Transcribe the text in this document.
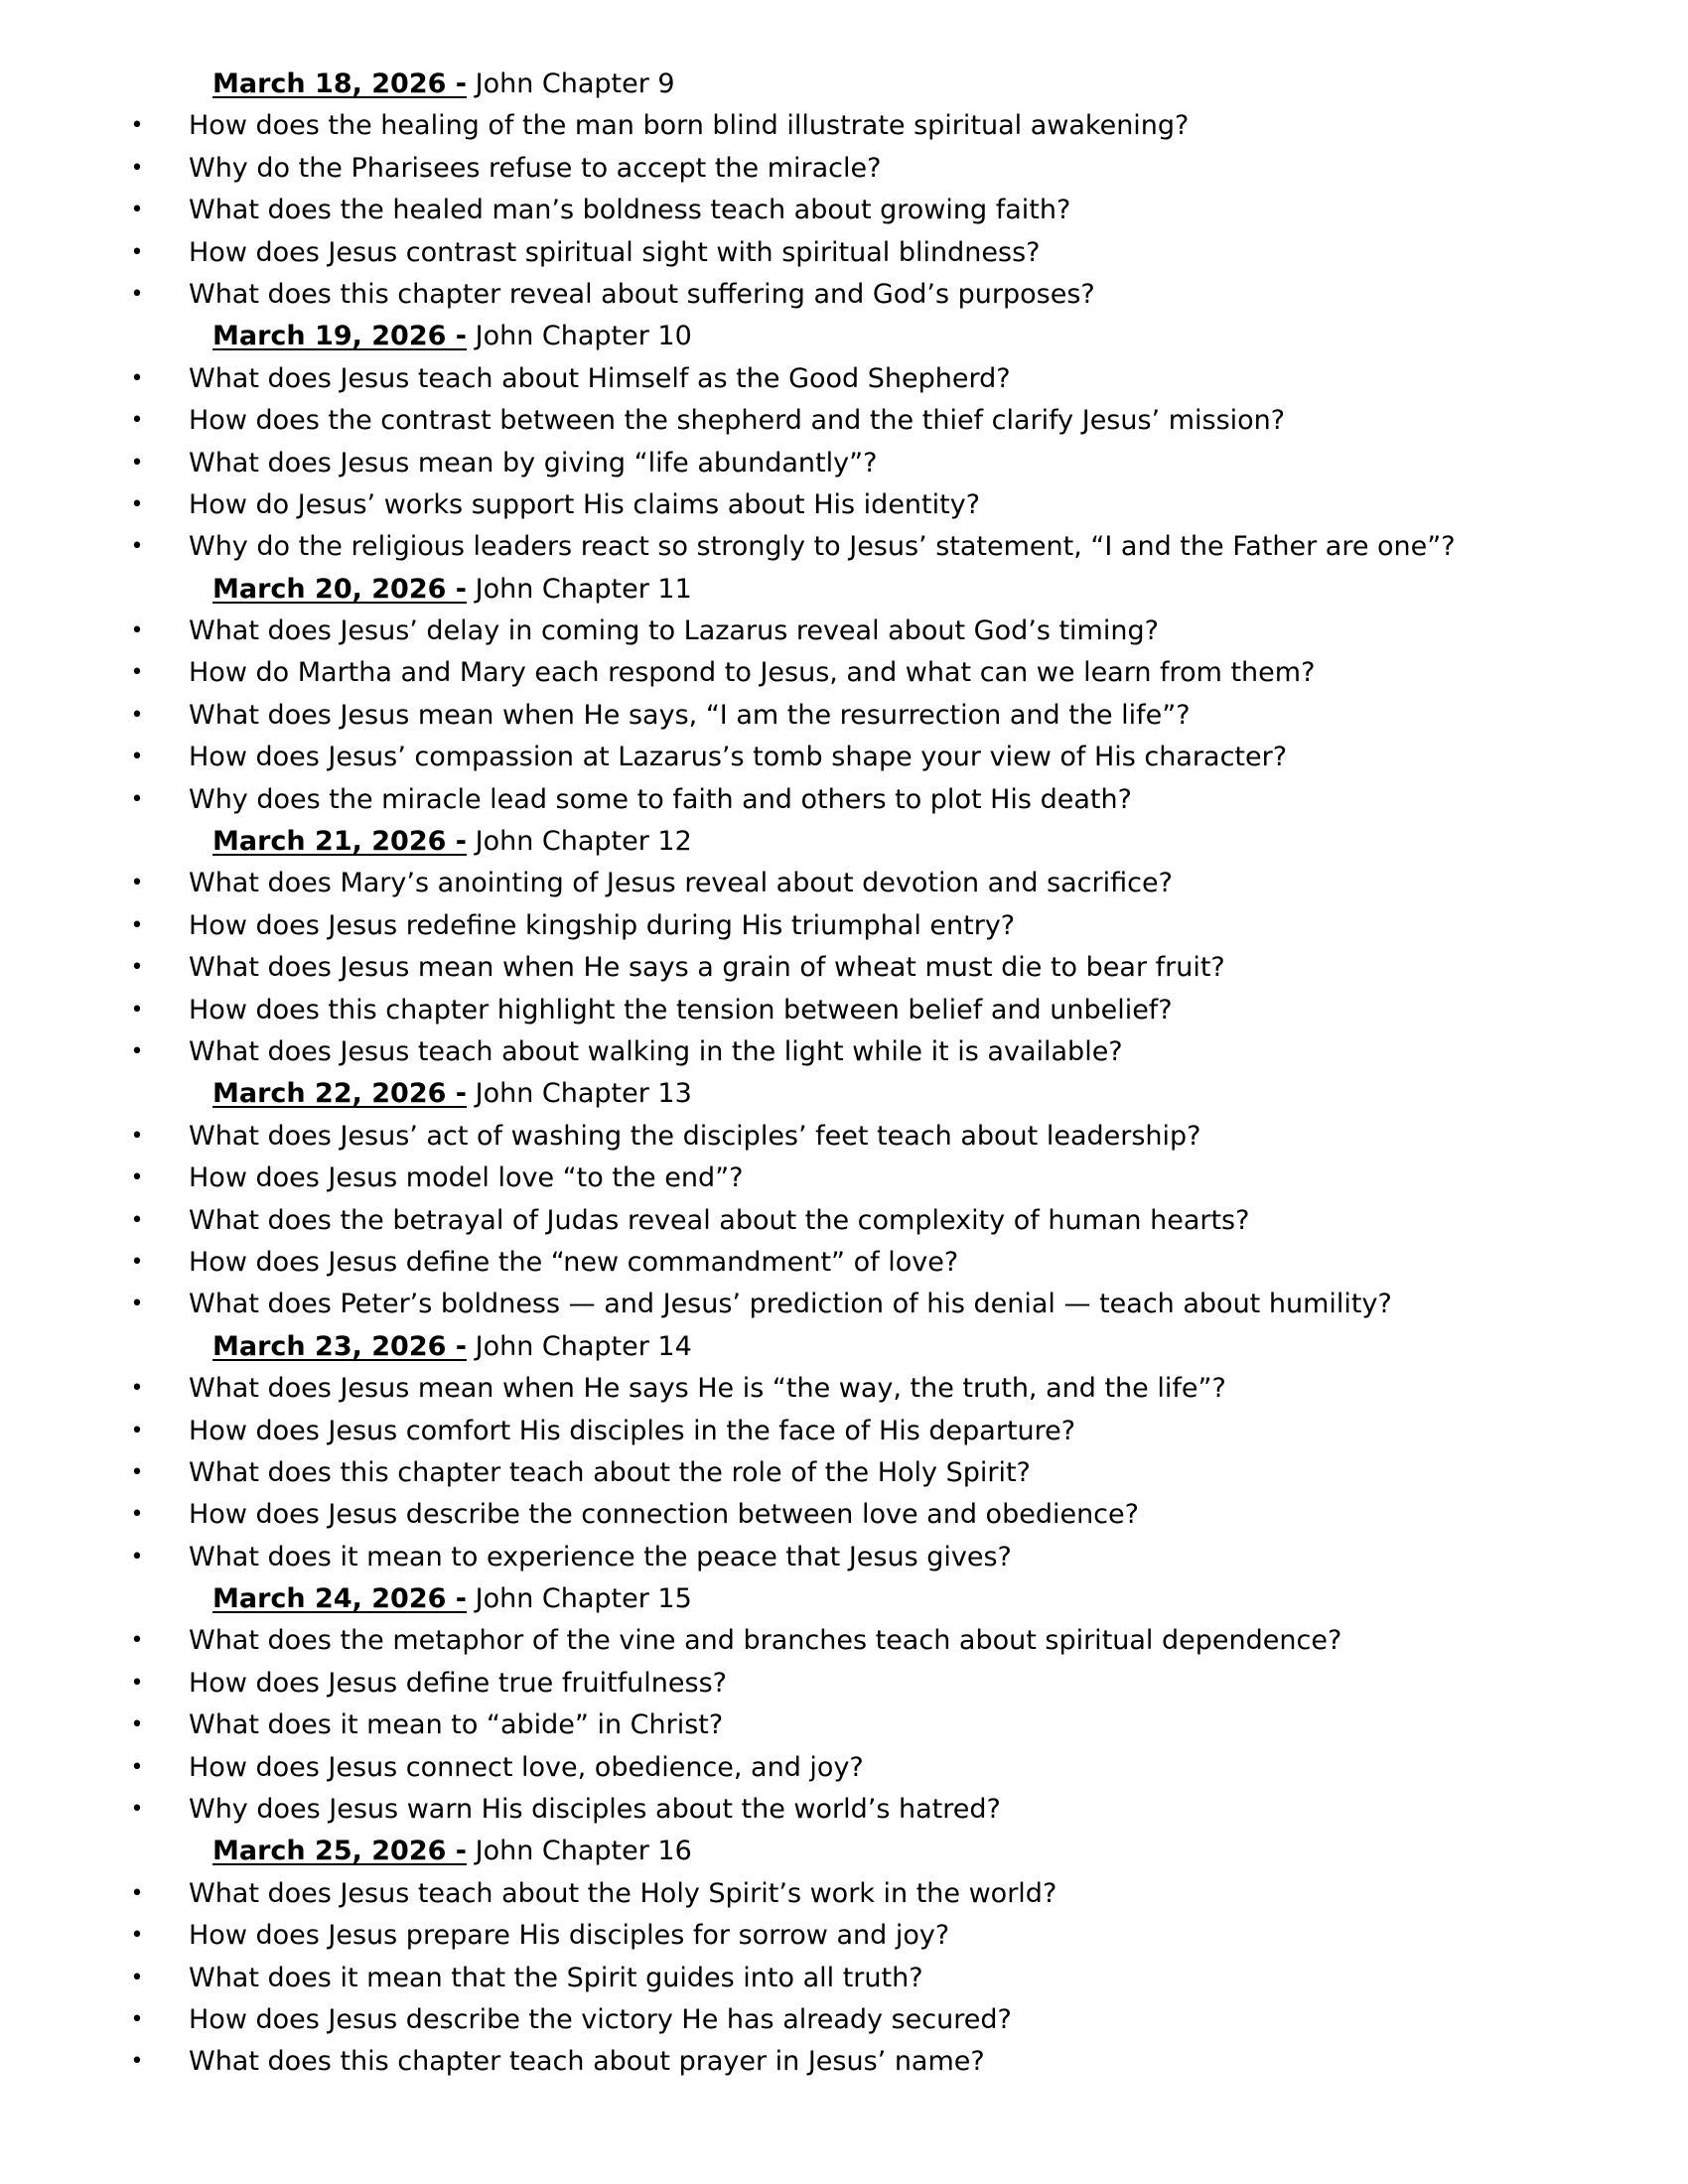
March 18, 2026 - John Chapter 9
• How does the healing of the man born blind illustrate spiritual awakening?
• Why do the Pharisees refuse to accept the miracle?
• What does the healed man’s boldness teach about growing faith?
• How does Jesus contrast spiritual sight with spiritual blindness?
• What does this chapter reveal about suffering and God’s purposes?
March 19, 2026 - John Chapter 10
• What does Jesus teach about Himself as the Good Shepherd?
• How does the contrast between the shepherd and the thief clarify Jesus’ mission?
• What does Jesus mean by giving “life abundantly”?
• How do Jesus’ works support His claims about His identity?
• Why do the religious leaders react so strongly to Jesus’ statement, “I and the Father are one”?
March 20, 2026 - John Chapter 11
• What does Jesus’ delay in coming to Lazarus reveal about God’s timing?
• How do Martha and Mary each respond to Jesus, and what can we learn from them?
• What does Jesus mean when He says, “I am the resurrection and the life”?
• How does Jesus’ compassion at Lazarus’s tomb shape your view of His character?
• Why does the miracle lead some to faith and others to plot His death?
March 21, 2026 - John Chapter 12
• What does Mary’s anointing of Jesus reveal about devotion and sacrifice?
• How does Jesus redefine kingship during His triumphal entry?
• What does Jesus mean when He says a grain of wheat must die to bear fruit?
• How does this chapter highlight the tension between belief and unbelief?
• What does Jesus teach about walking in the light while it is available?
March 22, 2026 - John Chapter 13
• What does Jesus’ act of washing the disciples’ feet teach about leadership?
• How does Jesus model love “to the end”?
• What does the betrayal of Judas reveal about the complexity of human hearts?
• How does Jesus define the “new commandment” of love?
• What does Peter’s boldness — and Jesus’ prediction of his denial — teach about humility?
March 23, 2026 - John Chapter 14
• What does Jesus mean when He says He is “the way, the truth, and the life”?
• How does Jesus comfort His disciples in the face of His departure?
• What does this chapter teach about the role of the Holy Spirit?
• How does Jesus describe the connection between love and obedience?
• What does it mean to experience the peace that Jesus gives?
March 24, 2026 - John Chapter 15
• What does the metaphor of the vine and branches teach about spiritual dependence?
• How does Jesus define true fruitfulness?
• What does it mean to “abide” in Christ?
• How does Jesus connect love, obedience, and joy?
• Why does Jesus warn His disciples about the world’s hatred?
March 25, 2026 - John Chapter 16
• What does Jesus teach about the Holy Spirit’s work in the world?
• How does Jesus prepare His disciples for sorrow and joy?
• What does it mean that the Spirit guides into all truth?
• How does Jesus describe the victory He has already secured?
• What does this chapter teach about prayer in Jesus’ name?
